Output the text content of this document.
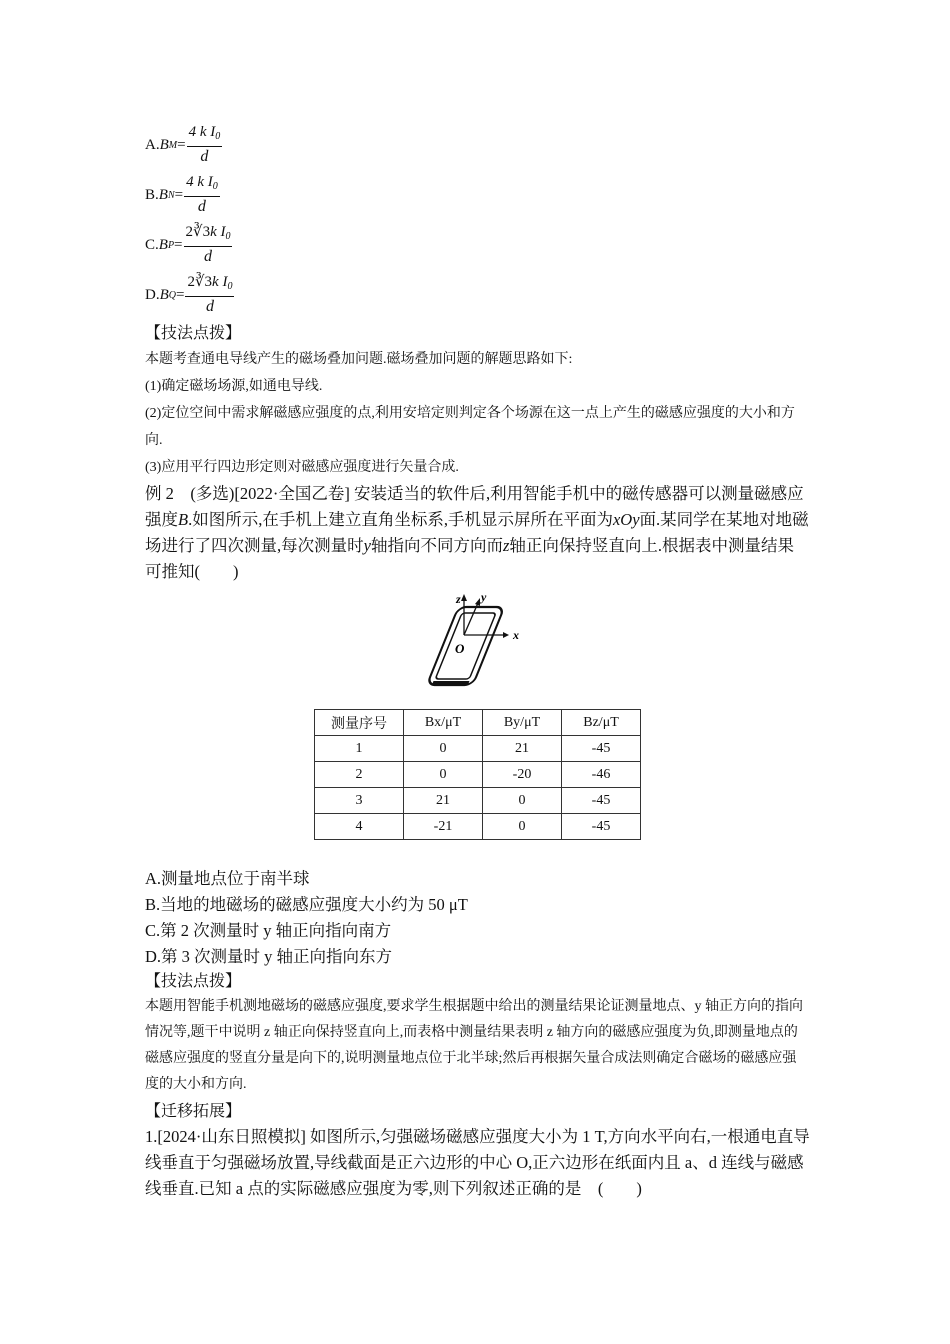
A. B $M = \frac{4 k I_0}{d}$
B. B $N = \frac{4 k I_0}{d}$
C. B $P = \frac{2∛3k I_0}{d}$
D. B $Q = \frac{2∛3k I_0}{d}$
【技法点拨】
本题考查通电导线产生的磁场叠加问题.磁场叠加问题的解题思路如下:
(1)确定磁场场源,如通电导线.
(2)定位空间中需求解磁感应强度的点,利用安培定则判定各个场源在这一点上产生的磁感应强度的大小和方向.
(3)应用平行四边形定则对磁感应强度进行矢量合成.

例 2　 (多选)[2022·全国乙卷] 安装适当的软件后,利用智能手机中的磁传感器可以测量磁感应强度B.如图所示,在手机上建立直角坐标系,手机显示屏所在平面为xOy面.某同学在某地对地磁场进行了四次测量,每次测量时y轴指向不同方向而z轴正向保持竖直向上.根据表中测量结果可推知(　　)

x
z y
O
测量序号	Bx/μT	By/μT	Bz/μT
1	0	21	-45
2	0	-20	-46
3	21	0	-45
4	-21	0	-45
A.测量地点位于南半球
B.当地的地磁场的磁感应强度大小约为 50 μT
C.第 2 次测量时 y 轴正向指向南方
D.第 3 次测量时 y 轴正向指向东方
【技法点拨】

本题用智能手机测地磁场的磁感应强度,要求学生根据题中给出的测量结果论证测量地点、y 轴正方向的指向情况等,题干中说明 z 轴正向保持竖直向上,而表格中测量结果表明 z 轴方向的磁感应强度为负,即测量地点的磁感应强度的竖直分量是向下的,说明测量地点位于北半球;然后再根据矢量合成法则确定合磁场的磁感应强度的大小和方向.

【迁移拓展】

1.[2024·山东日照模拟] 如图所示,匀强磁场磁感应强度大小为 1 T,方向水平向右,一根通电直导线垂直于匀强磁场放置,导线截面是正六边形的中心 O,正六边形在纸面内且 a、d 连线与磁感线垂直.已知 a 点的实际磁感应强度为零,则下列叙述正确的是　(　　)
